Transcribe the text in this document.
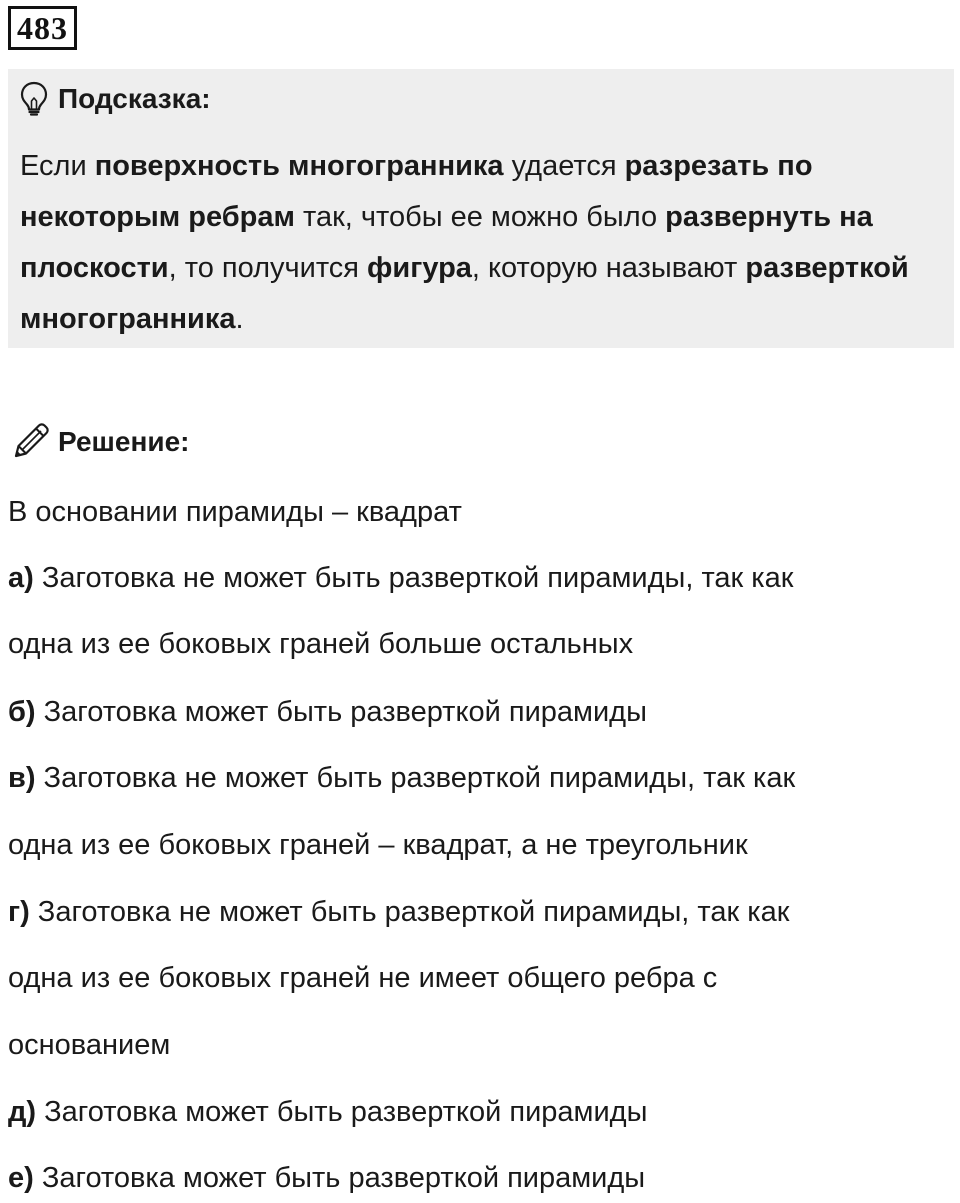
483
Подсказка:
Если поверхность многогранника удается разрезать по некоторым ребрам так, чтобы ее можно было развернуть на плоскости, то получится фигура, которую называют разверткой многогранника.
Решение:
В основании пирамиды – квадрат
а) Заготовка не может быть разверткой пирамиды, так как
одна из ее боковых граней больше остальных
б) Заготовка может быть разверткой пирамиды
в) Заготовка не может быть разверткой пирамиды, так как
одна из ее боковых граней – квадрат, а не треугольник
г) Заготовка не может быть разверткой пирамиды, так как
одна из ее боковых граней не имеет общего ребра с
основанием
д) Заготовка может быть разверткой пирамиды
е) Заготовка может быть разверткой пирамиды
